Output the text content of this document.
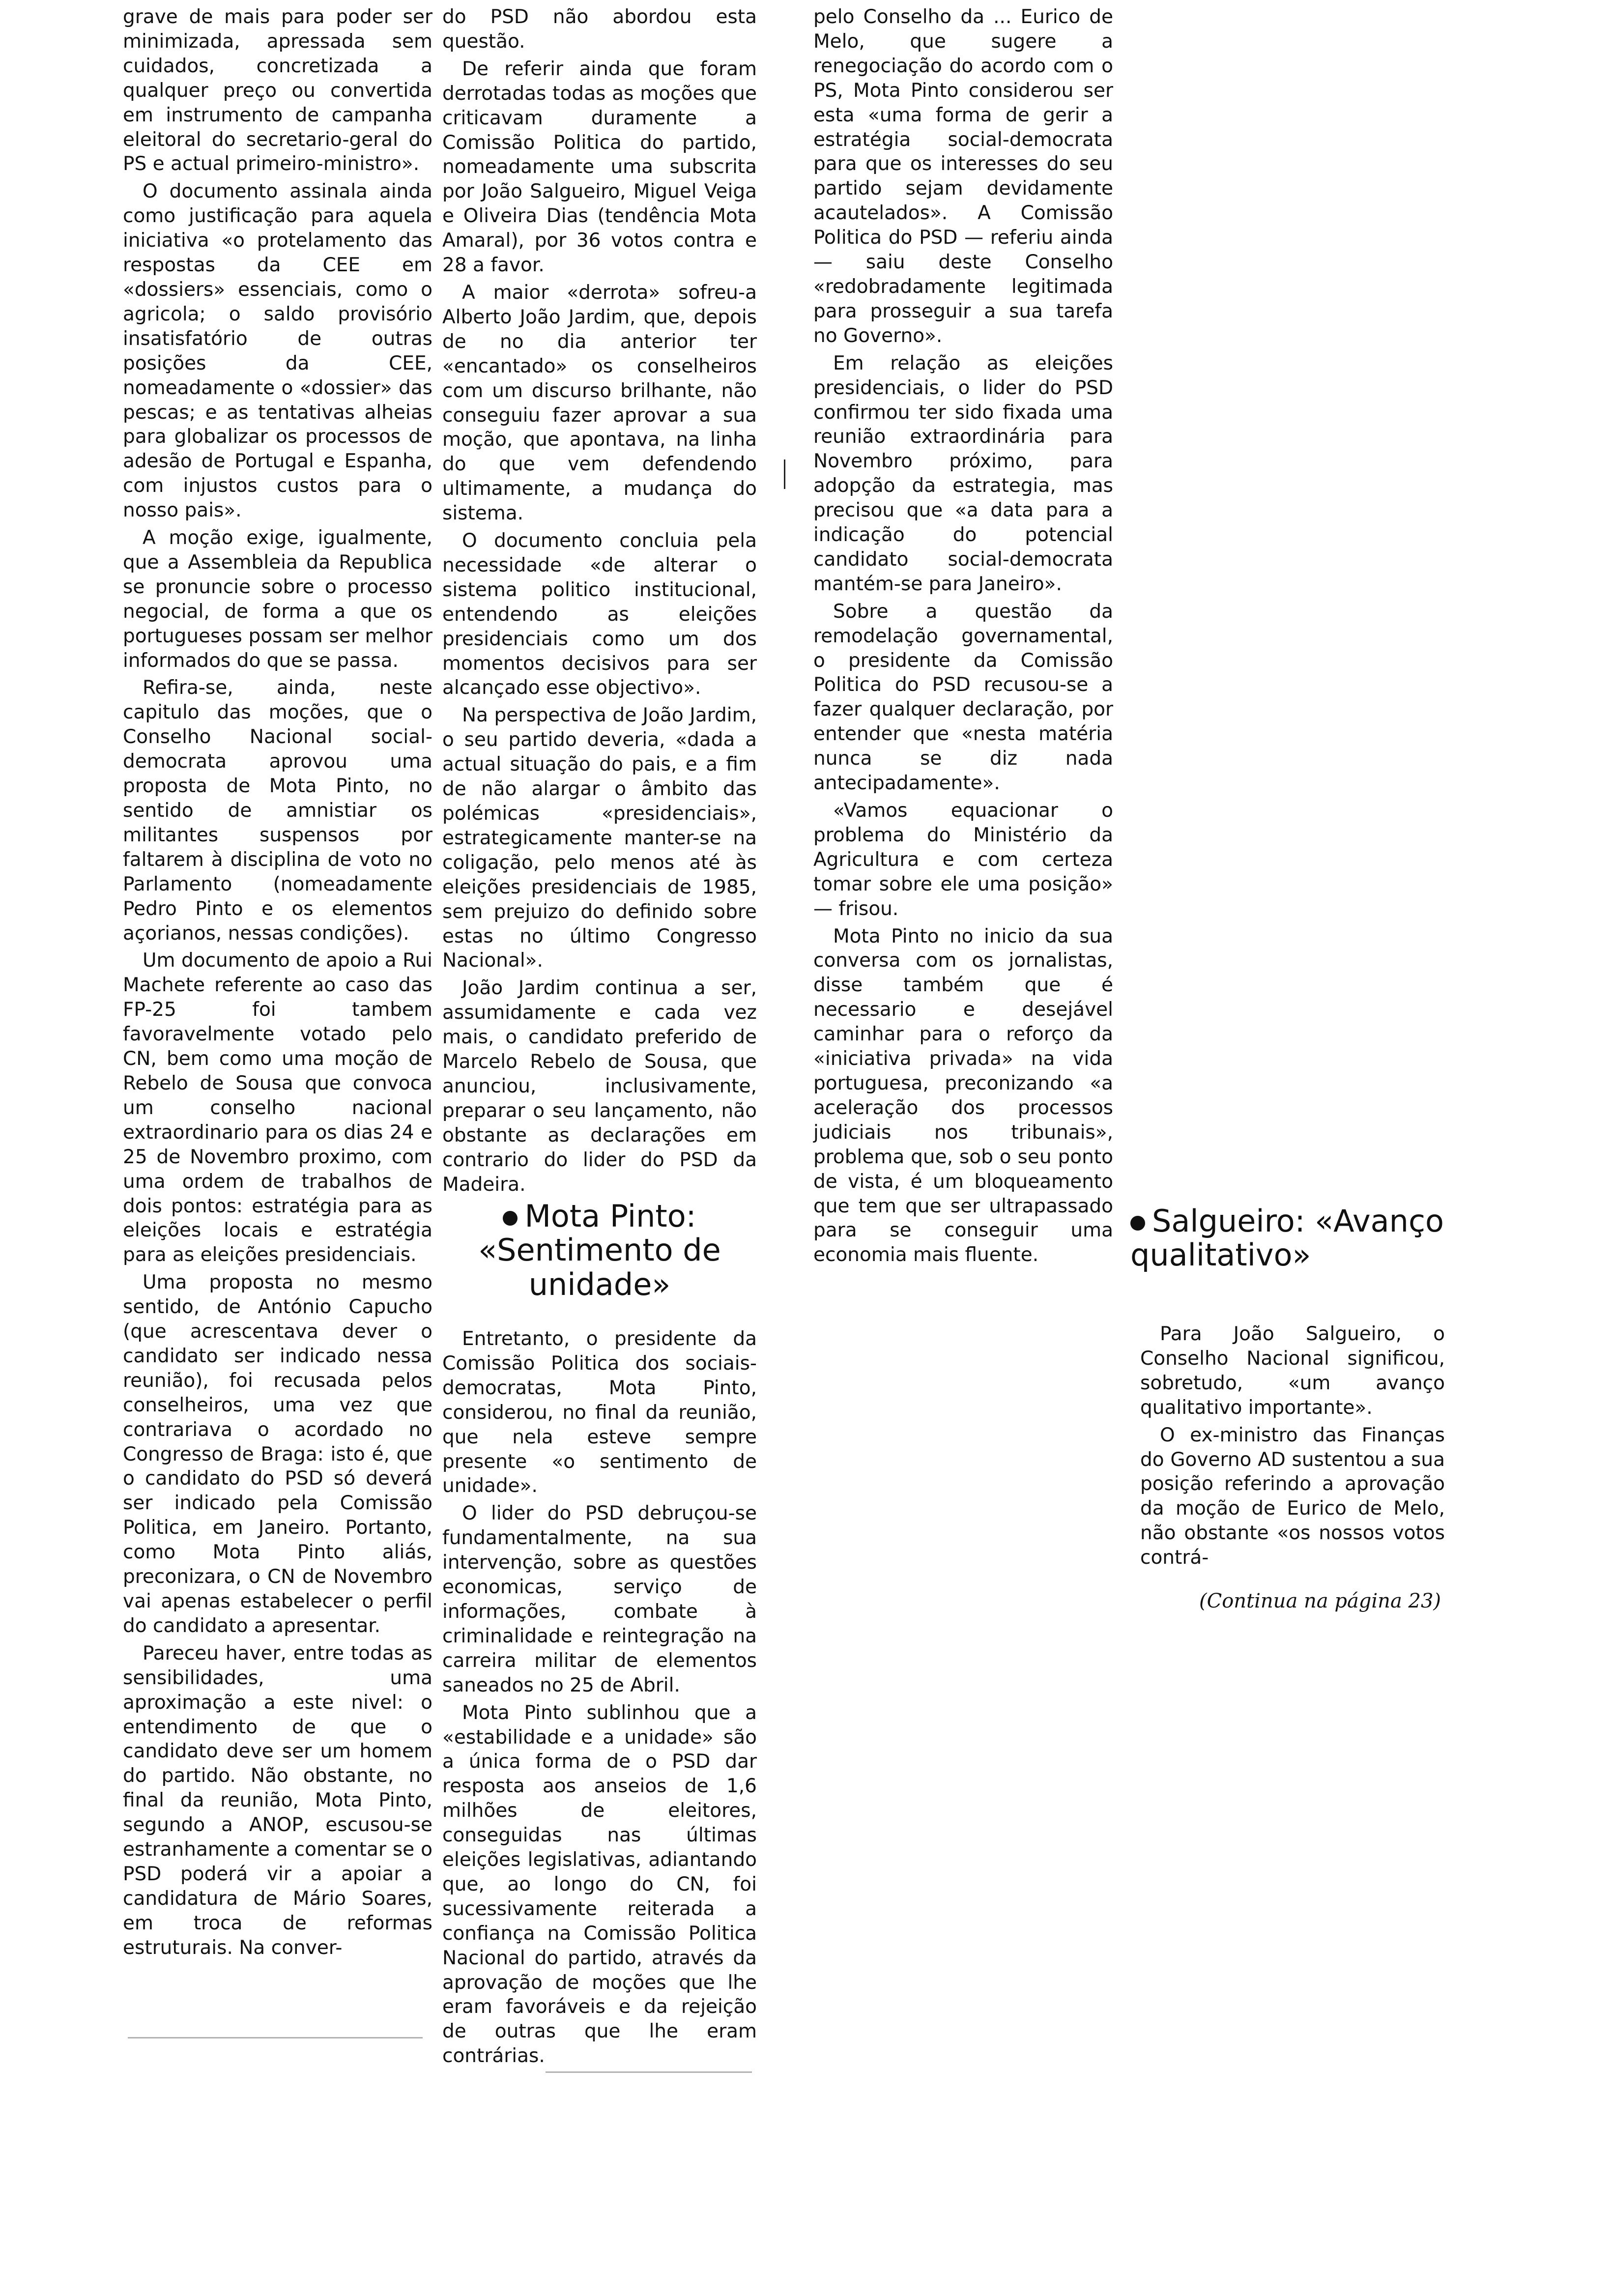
grave de mais para poder ser minimizada, apressada sem cuidados, concretizada a qualquer preço ou convertida em instrumento de campanha eleitoral do secretario-geral do PS e actual primeiro-ministro».

O documento assinala ainda como justificação para aquela iniciativa «o protelamento das respostas da CEE em «dossiers» essenciais, como o agricola; o saldo provisório insatisfatório de outras posições da CEE, nomeadamente o «dossier» das pescas; e as tentativas alheias para globalizar os processos de adesão de Portugal e Espanha, com injustos custos para o nosso pais».

A moção exige, igualmente, que a Assembleia da Republica se pronuncie sobre o processo negocial, de forma a que os portugueses possam ser melhor informados do que se passa.

Refira-se, ainda, neste capitulo das moções, que o Conselho Nacional social-democrata aprovou uma proposta de Mota Pinto, no sentido de amnistiar os militantes suspensos por faltarem à disciplina de voto no Parlamento (nomeadamente Pedro Pinto e os elementos açorianos, nessas condições).

Um documento de apoio a Rui Machete referente ao caso das FP-25 foi tambem favoravelmente votado pelo CN, bem como uma moção de Rebelo de Sousa que convoca um conselho nacional extraordinario para os dias 24 e 25 de Novembro proximo, com uma ordem de trabalhos de dois pontos: estratégia para as eleições locais e estratégia para as eleições presidenciais.

Uma proposta no mesmo sentido, de António Capucho (que acrescentava dever o candidato ser indicado nessa reunião), foi recusada pelos conselheiros, uma vez que contrariava o acordado no Congresso de Braga: isto é, que o candidato do PSD só deverá ser indicado pela Comissão Politica, em Janeiro. Portanto, como Mota Pinto aliás, preconizara, o CN de Novembro vai apenas estabelecer o perfil do candidato a apresentar.

Pareceu haver, entre todas as sensibilidades, uma aproximação a este nivel: o entendimento de que o candidato deve ser um homem do partido. Não obstante, no final da reunião, Mota Pinto, segundo a ANOP, escusou-se estranhamente a comentar se o PSD poderá vir a apoiar a candidatura de Mário Soares, em troca de reformas estruturais. Na conver-

do PSD não abordou esta questão.

De referir ainda que foram derrotadas todas as moções que criticavam duramente a Comissão Politica do partido, nomeadamente uma subscrita por João Salgueiro, Miguel Veiga e Oliveira Dias (tendência Mota Amaral), por 36 votos contra e 28 a favor.

A maior «derrota» sofreu-a Alberto João Jardim, que, depois de no dia anterior ter «encantado» os conselheiros com um discurso brilhante, não conseguiu fazer aprovar a sua moção, que apontava, na linha do que vem defendendo ultimamente, a mudança do sistema.

O documento concluia pela necessidade «de alterar o sistema politico institucional, entendendo as eleições presidenciais como um dos momentos decisivos para ser alcançado esse objectivo».

Na perspectiva de João Jardim, o seu partido deveria, «dada a actual situação do pais, e a fim de não alargar o âmbito das polémicas «presidenciais», estrategicamente manter-se na coligação, pelo menos até às eleições presidenciais de 1985, sem prejuizo do definido sobre estas no último Congresso Nacional».

João Jardim continua a ser, assumidamente e cada vez mais, o candidato preferido de Marcelo Rebelo de Sousa, que anunciou, inclusivamente, preparar o seu lançamento, não obstante as declarações em contrario do lider do PSD da Madeira.

Mota Pinto: «Sentimento de unidade»

Entretanto, o presidente da Comissão Politica dos sociais-democratas, Mota Pinto, considerou, no final da reunião, que nela esteve sempre presente «o sentimento de unidade».

O lider do PSD debruçou-se fundamentalmente, na sua intervenção, sobre as questões economicas, serviço de informações, combate à criminalidade e reintegração na carreira militar de elementos saneados no 25 de Abril.

Mota Pinto sublinhou que a «estabilidade e a unidade» são a única forma de o PSD dar resposta aos anseios de 1,6 milhões de eleitores, conseguidas nas últimas eleições legislativas, adiantando que, ao longo do CN, foi sucessivamente reiterada a confiança na Comissão Politica Nacional do partido, através da aprovação de moções que lhe eram favoráveis e da rejeição de outras que lhe eram contrárias.

pelo Conselho da ... Eurico de Melo, que sugere a renegociação do acordo com o PS, Mota Pinto considerou ser esta «uma forma de gerir a estratégia social-democrata para que os interesses do seu partido sejam devidamente acautelados». A Comissão Politica do PSD — referiu ainda — saiu deste Conselho «redobradamente legitimada para prosseguir a sua tarefa no Governo».

Em relação as eleições presidenciais, o lider do PSD confirmou ter sido fixada uma reunião extraordinária para Novembro próximo, para adopção da estrategia, mas precisou que «a data para a indicação do potencial candidato social-democrata mantém-se para Janeiro».

Sobre a questão da remodelação governamental, o presidente da Comissão Politica do PSD recusou-se a fazer qualquer declaração, por entender que «nesta matéria nunca se diz nada antecipadamente».

«Vamos equacionar o problema do Ministério da Agricultura e com certeza tomar sobre ele uma posição» — frisou.

Mota Pinto no inicio da sua conversa com os jornalistas, disse também que é necessario e desejável caminhar para o reforço da «iniciativa privada» na vida portuguesa, preconizando «a aceleração dos processos judiciais nos tribunais», problema que, sob o seu ponto de vista, é um bloqueamento que tem que ser ultrapassado para se conseguir uma economia mais fluente.

Salgueiro: «Avanço qualitativo»

Para João Salgueiro, o Conselho Nacional significou, sobretudo, «um avanço qualitativo importante».

O ex-ministro das Finanças do Governo AD sustentou a sua posição referindo a aprovação da moção de Eurico de Melo, não obstante «os nossos votos contrá-

(Continua na página 23)
